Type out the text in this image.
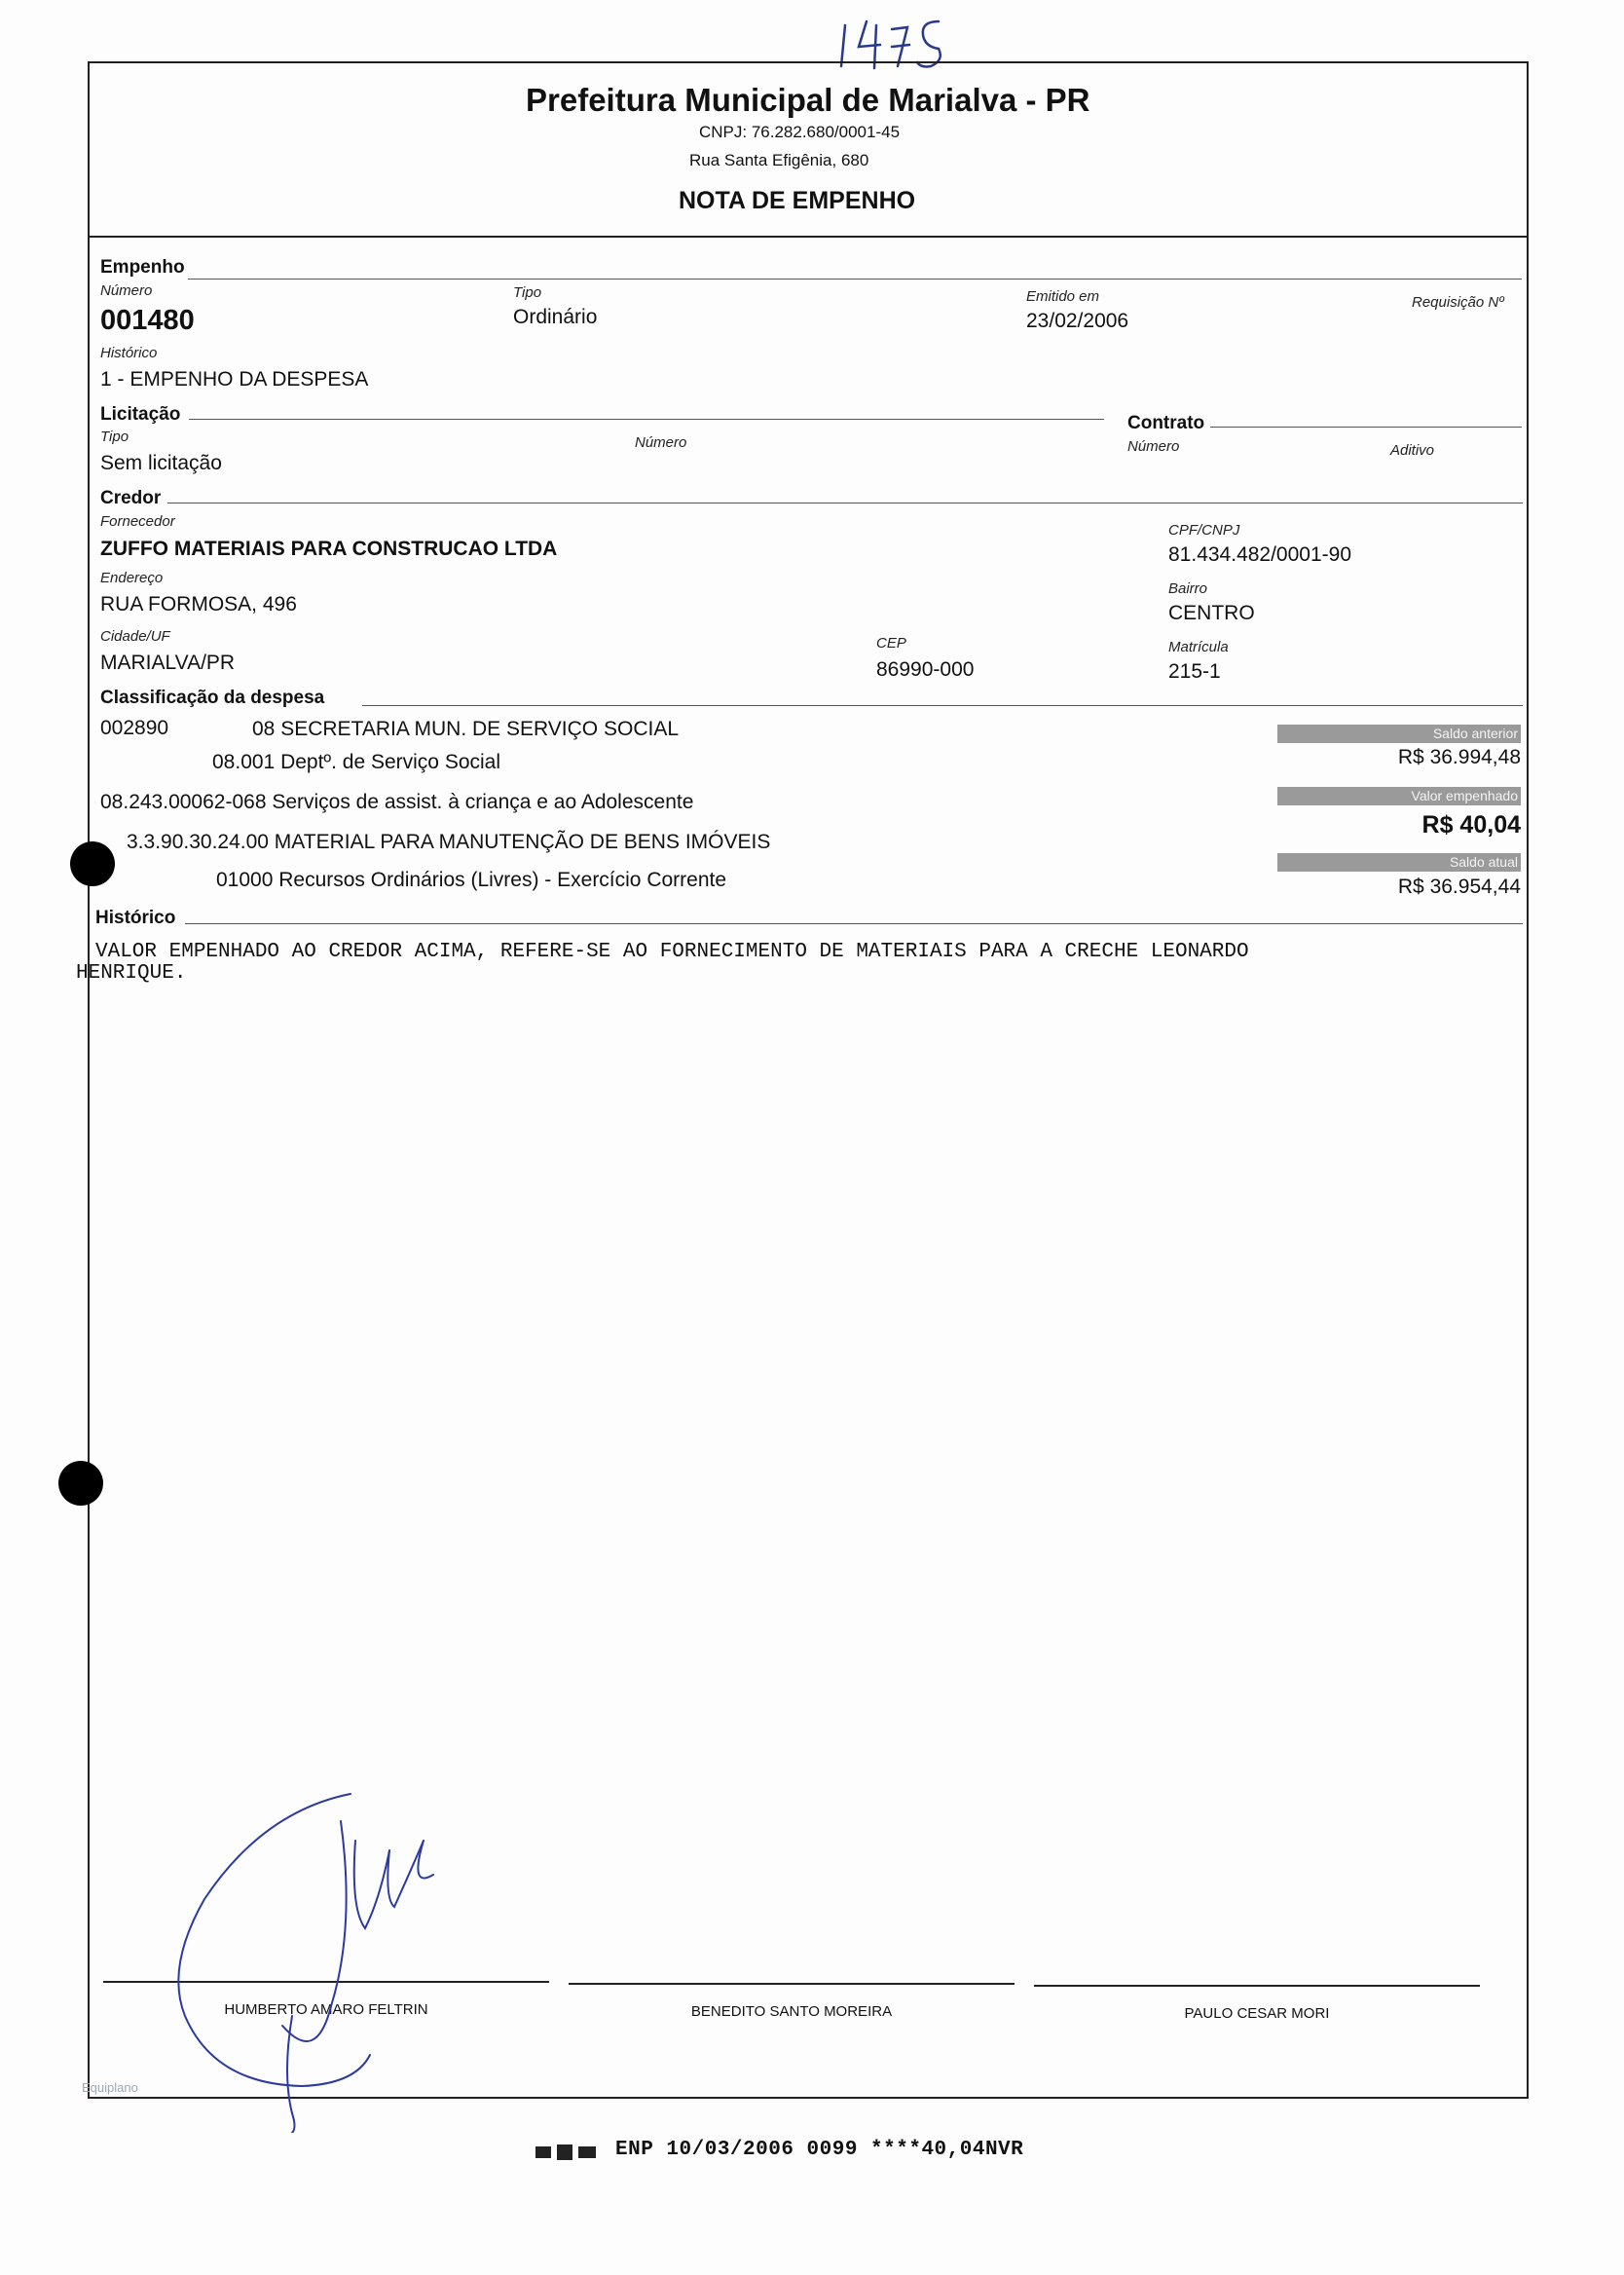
Prefeitura Municipal de Marialva - PR
CNPJ: 76.282.680/0001-45
Rua Santa Efigênia, 680
NOTA DE EMPENHO
Empenho
Número
001480
Tipo
Ordinário
Emitido em
23/02/2006
Requisição Nº
Histórico
1 - EMPENHO DA DESPESA
Licitação
Tipo
Sem licitação
Número
Contrato
Número	Aditivo
Credor
Fornecedor
ZUFFO MATERIAIS PARA CONSTRUCAO LTDA
CPF/CNPJ
81.434.482/0001-90
Endereço
RUA FORMOSA, 496
Bairro
CENTRO
Cidade/UF
MARIALVA/PR
CEP
86990-000
Matrícula
215-1
Classificação da despesa
002890	08 SECRETARIA MUN. DE SERVIÇO SOCIAL
08.001 Deptº. de Serviço Social
08.243.00062-068 Serviços de assist. à criança e ao Adolescente
3.3.90.30.24.00 MATERIAL PARA MANUTENÇÃO DE BENS IMÓVEIS
01000 Recursos Ordinários (Livres) - Exercício Corrente
Saldo anterior
R$ 36.994,48
Valor empenhado
R$ 40,04
Saldo atual
R$ 36.954,44
Histórico
VALOR EMPENHADO AO CREDOR ACIMA, REFERE-SE AO FORNECIMENTO DE MATERIAIS PARA A CRECHE LEONARDO
HENRIQUE.
HUMBERTO AMARO FELTRIN	BENEDITO SANTO MOREIRA	PAULO CESAR MORI
Equiplano
ENP 10/03/2006 0099 ****40,04NVR
